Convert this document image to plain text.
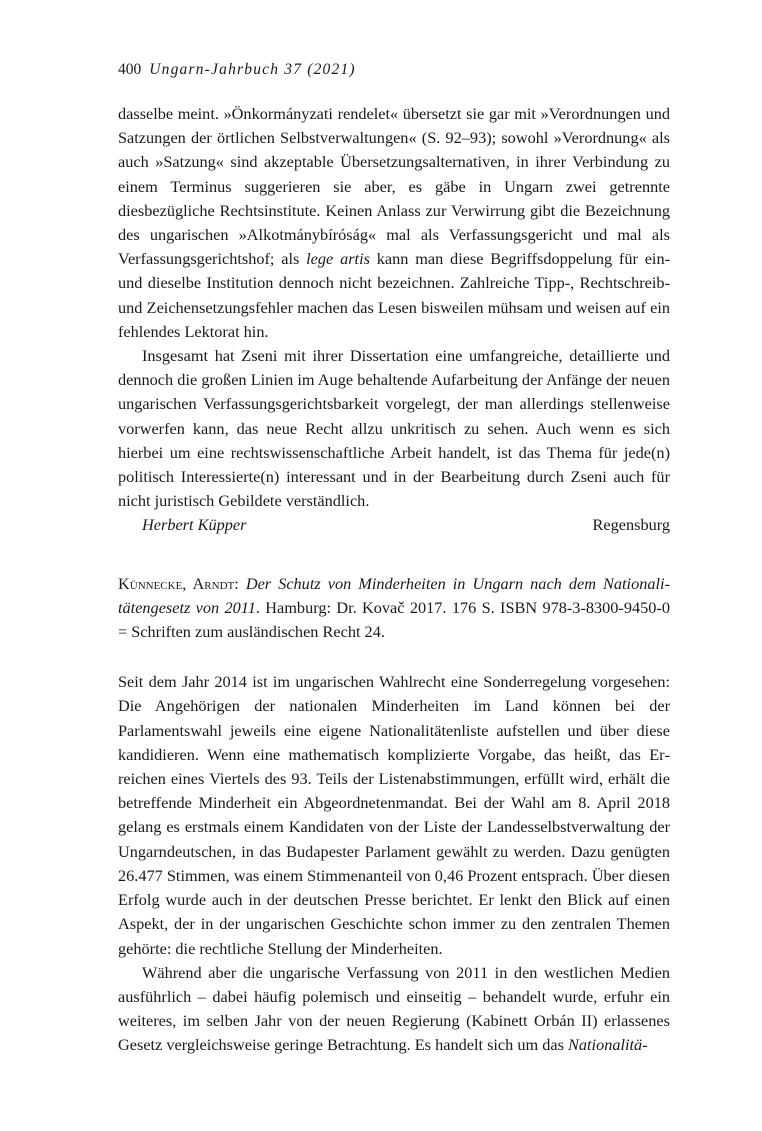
400 Ungarn-Jahrbuch 37 (2021)

dasselbe meint. »Önkormányzati rendelet« übersetzt sie gar mit »Verordnungen und Satzungen der örtlichen Selbstverwaltungen« (S. 92–93); sowohl »Verordnung« als auch »Satzung« sind akzeptable Übersetzungsalternativen, in ihrer Verbindung zu einem Terminus suggerieren sie aber, es gäbe in Ungarn zwei getrennte diesbezügliche Rechtsinstitute. Keinen Anlass zur Verwirrung gibt die Bezeichnung des ungarischen »Alkotmánybíróság« mal als Verfassungsgericht und mal als Verfassungsgerichtshof; als lege artis kann man diese Begriffsdoppelung für ein- und dieselbe Institution dennoch nicht bezeichnen. Zahlreiche Tipp-, Rechtschreib- und Zeichensetzungsfehler machen das Lesen bisweilen mühsam und weisen auf ein fehlendes Lektorat hin.

Insgesamt hat Zseni mit ihrer Dissertation eine umfangreiche, detaillierte und dennoch die großen Linien im Auge behaltende Aufarbeitung der Anfänge der neuen ungarischen Verfassungsgerichtsbarkeit vorgelegt, der man allerdings stellenweise vorwerfen kann, das neue Recht allzu unkritisch zu sehen. Auch wenn es sich hierbei um eine rechtswissenschaftliche Arbeit handelt, ist das Thema für jede(n) politisch Interessierte(n) interessant und in der Bearbeitung durch Zseni auch für nicht juristisch Gebildete verständlich.

Herbert Küpper	Regensburg
Künnecke, Arndt: Der Schutz von Minderheiten in Ungarn nach dem Nationalitätengesetz von 2011. Hamburg: Dr. Kovač 2017. 176 S. ISBN 978-3-8300-9450-0 = Schriften zum ausländischen Recht 24.

Seit dem Jahr 2014 ist im ungarischen Wahlrecht eine Sonderregelung vorgesehen: Die Angehörigen der nationalen Minderheiten im Land können bei der Parlamentswahl jeweils eine eigene Nationalitätenliste aufstellen und über diese kandidieren. Wenn eine mathematisch komplizierte Vorgabe, das heißt, das Erreichen eines Viertels des 93. Teils der Listenabstimmungen, erfüllt wird, erhält die betreffende Minderheit ein Abgeordnetenmandat. Bei der Wahl am 8. April 2018 gelang es erstmals einem Kandidaten von der Liste der Landesselbstverwaltung der Ungarndeutschen, in das Budapester Parlament gewählt zu werden. Dazu genügten 26.477 Stimmen, was einem Stimmenanteil von 0,46 Prozent entsprach. Über diesen Erfolg wurde auch in der deutschen Presse berichtet. Er lenkt den Blick auf einen Aspekt, der in der ungarischen Geschichte schon immer zu den zentralen Themen gehörte: die rechtliche Stellung der Minderheiten.

Während aber die ungarische Verfassung von 2011 in den westlichen Medien ausführlich – dabei häufig polemisch und einseitig – behandelt wurde, erfuhr ein weiteres, im selben Jahr von der neuen Regierung (Kabinett Orbán II) erlassenes Gesetz vergleichsweise geringe Betrachtung. Es handelt sich um das Nationalitä-
